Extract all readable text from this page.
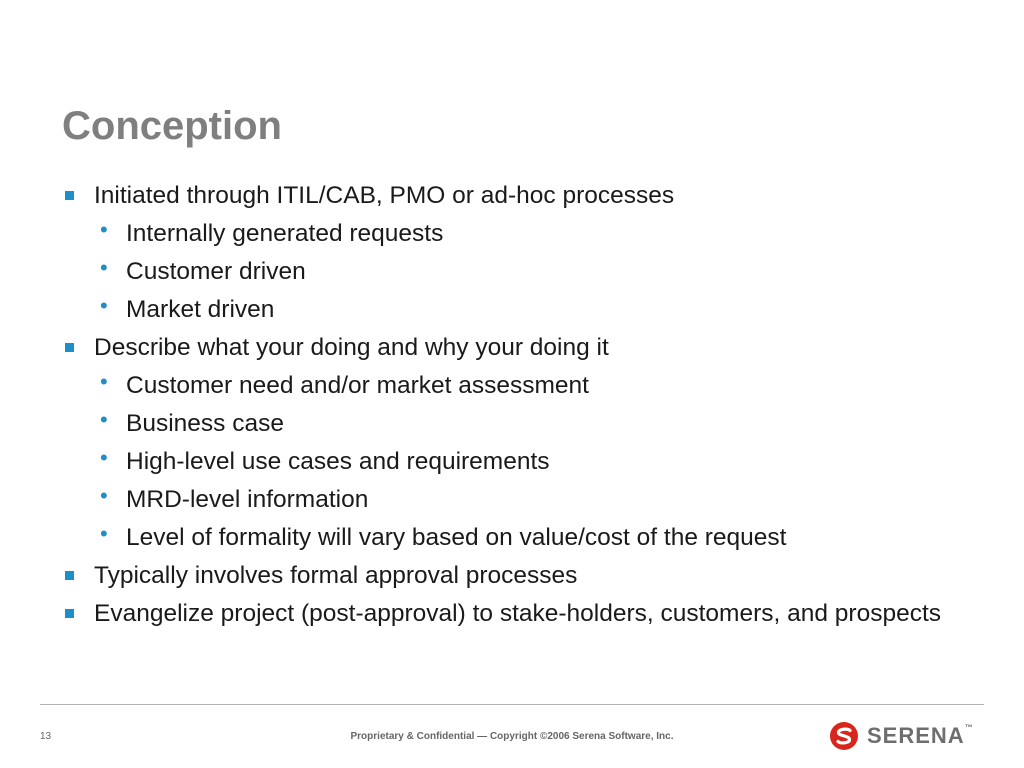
Conception
Initiated through ITIL/CAB, PMO or ad-hoc processes
• Internally generated requests
• Customer driven
• Market driven
Describe what your doing and why your doing it
• Customer need and/or market assessment
• Business case
• High-level use cases and requirements
• MRD-level information
• Level of formality will vary based on value/cost of the request
Typically involves formal approval processes
Evangelize project (post-approval) to stake-holders, customers, and prospects
13	Proprietary & Confidential — Copyright ©2006 Serena Software, Inc.	SERENA™
